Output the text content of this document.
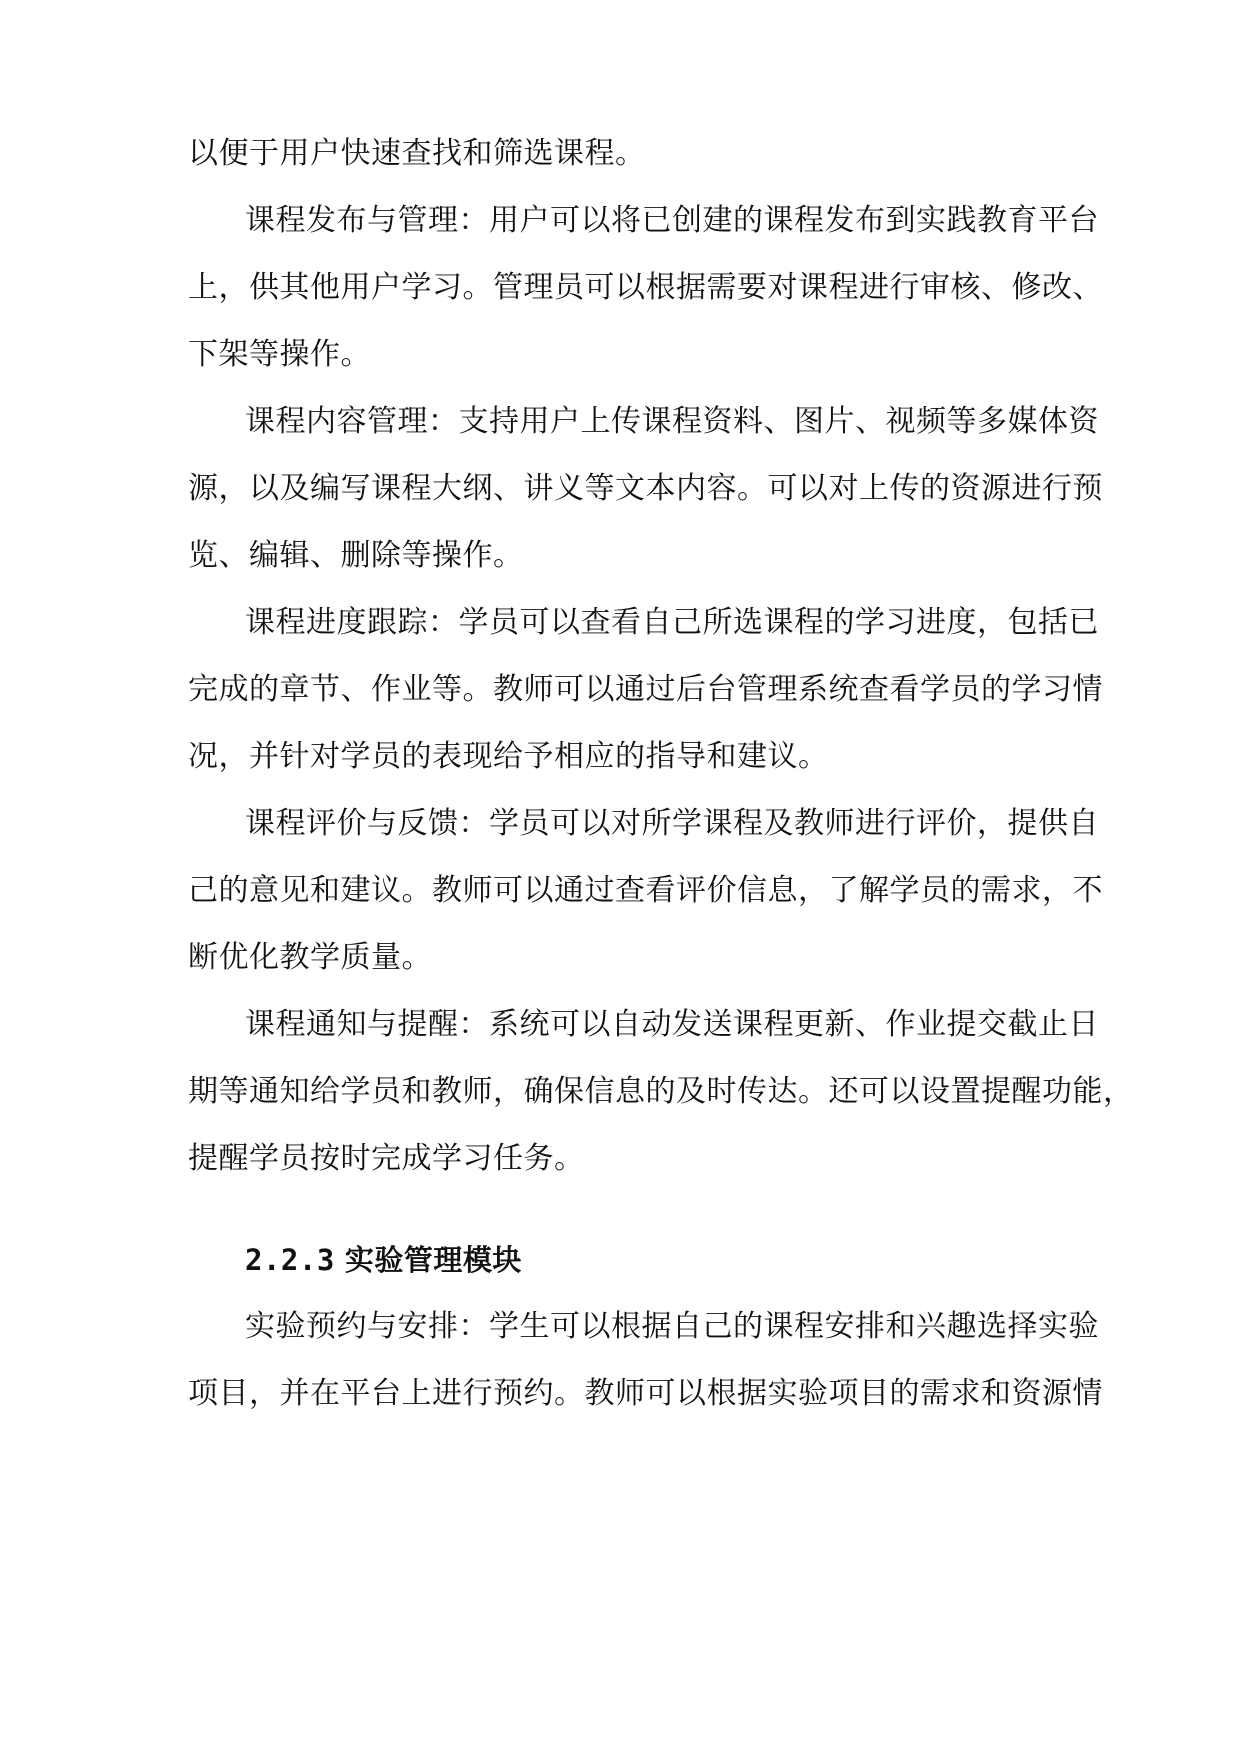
以便于用户快速查找和筛选课程。
课程发布与管理：用户可以将已创建的课程发布到实践教育平台
上，供其他用户学习。管理员可以根据需要对课程进行审核、修改、
下架等操作。
课程内容管理：支持用户上传课程资料、图片、视频等多媒体资
源，以及编写课程大纲、讲义等文本内容。可以对上传的资源进行预
览、编辑、删除等操作。
课程进度跟踪：学员可以查看自己所选课程的学习进度，包括已
完成的章节、作业等。教师可以通过后台管理系统查看学员的学习情
况，并针对学员的表现给予相应的指导和建议。
课程评价与反馈：学员可以对所学课程及教师进行评价，提供自
己的意见和建议。教师可以通过查看评价信息，了解学员的需求，不
断优化教学质量。
课程通知与提醒：系统可以自动发送课程更新、作业提交截止日
期等通知给学员和教师，确保信息的及时传达。还可以设置提醒功能，
提醒学员按时完成学习任务。
2.2.3 实验管理模块
实验预约与安排：学生可以根据自己的课程安排和兴趣选择实验
项目，并在平台上进行预约。教师可以根据实验项目的需求和资源情
